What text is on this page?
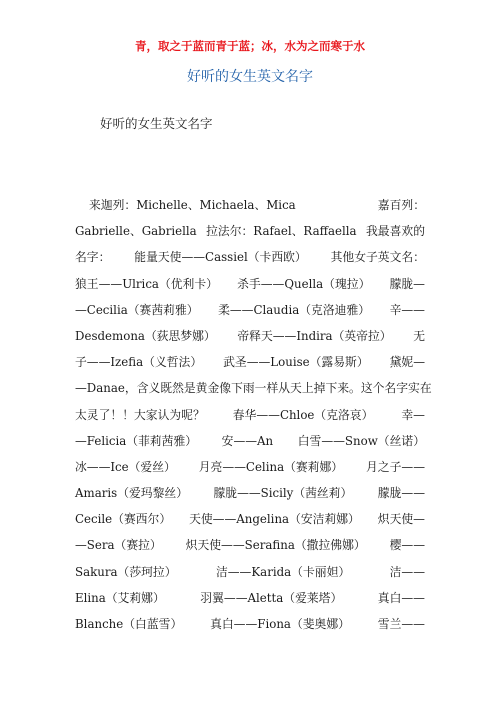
青，取之于蓝而青于蓝；冰，水为之而寒于水
好听的女生英文名字
好听的女生英文名字
来迦列：Michelle、Michaela、Mica	嘉百列：
Gabrielle、Gabriella 拉法尔：Rafael、Raffaella 我最喜欢的
名字： 能量天使——Cassiel（卡西欧） 其他女子英文名：
狼王——Ulrica（优利卡） 杀手——Quella（瑰拉） 朦胧—
—Cecilia（赛茜莉雅） 柔——Claudia（克洛迪雅） 辛——
Desdemona（荻思梦娜） 帝释天——Indira（英帝拉） 无
子——Izefia（义哲法） 武圣——Louise（露易斯） 黛妮—
—Danae，含义既然是黄金像下雨一样从天上掉下来。这个名字实在
太灵了！！大家认为呢？ 春华——Chloe（克洛哀） 幸—
—Felicia（菲莉茜雅） 安——An 白雪——Snow（丝诺）
冰——Ice（爱丝） 月亮——Celina（赛莉娜） 月之子——
Amaris（爱玛黎丝） 朦胧——Sicily（茜丝莉） 朦胧——
Cecile（赛西尔） 天使——Angelina（安洁莉娜） 炽天使—
—Sera（赛拉） 炽天使——Serafina（撒拉佛娜） 樱——
Sakura（莎珂拉）	洁——Karida（卡丽妲）	洁——
Elina（艾莉娜）	羽翼——Aletta（爱莱塔）	真白——
Blanche（白蓝雪） 真白——Fiona（斐奥娜） 雪兰——
